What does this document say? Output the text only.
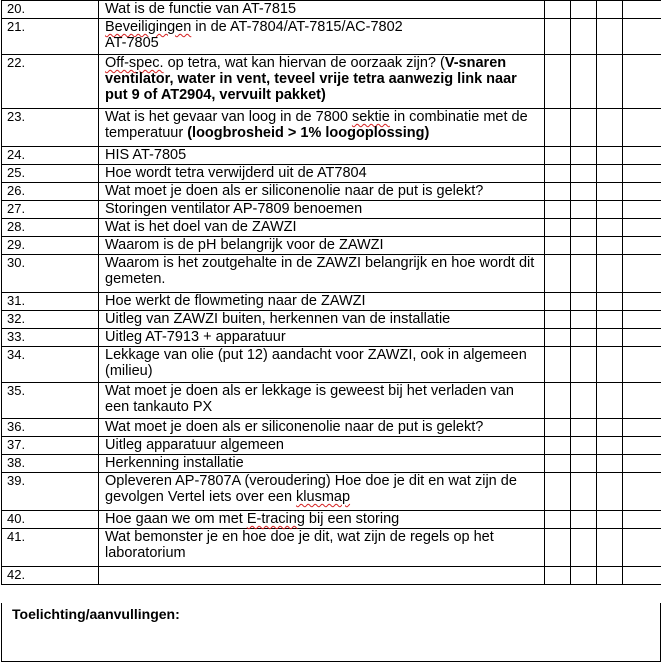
20.	Wat is de functie van AT-7815				
21.	Beveiligingen in de AT-7804/AT-7815/AC-7802
AT-7805				
22.	Off-spec. op tetra, wat kan hiervan de oorzaak zijn? (V-snaren ventilator, water in vent, teveel vrije tetra aanwezig link naar put 9 of AT2904, vervuilt pakket)				
23.	Wat is het gevaar van loog in de 7800 sektie in combinatie met de temperatuur (loogbrosheid > 1% loogoplossing)				
24.	HIS AT-7805				
25.	Hoe wordt tetra verwijderd uit de AT7804				
26.	Wat moet je doen als er siliconenolie naar de put is gelekt?				
27.	Storingen ventilator AP-7809 benoemen				
28.	Wat is het doel van de ZAWZI				
29.	Waarom is de pH belangrijk voor de ZAWZI				
30.	Waarom is het zoutgehalte in de ZAWZI belangrijk en hoe wordt dit gemeten.				
31.	Hoe werkt de flowmeting naar de ZAWZI				
32.	Uitleg van ZAWZI buiten, herkennen van de installatie				
33.	Uitleg AT-7913 + apparatuur				
34.	Lekkage van olie (put 12) aandacht voor ZAWZI, ook in algemeen (milieu)				
35.	Wat moet je doen als er lekkage is geweest bij het verladen van een tankauto PX				
36.	Wat moet je doen als er siliconenolie naar de put is gelekt?				
37.	Uitleg apparatuur algemeen				
38.	Herkenning installatie				
39.	Opleveren AP-7807A (veroudering) Hoe doe je dit en wat zijn de gevolgen Vertel iets over een klusmap				
40.	Hoe gaan we om met E-tracing bij een storing				
41.	Wat bemonster je en hoe doe je dit, wat zijn de regels op het laboratorium				
42.					
Toelichting/aanvullingen:
